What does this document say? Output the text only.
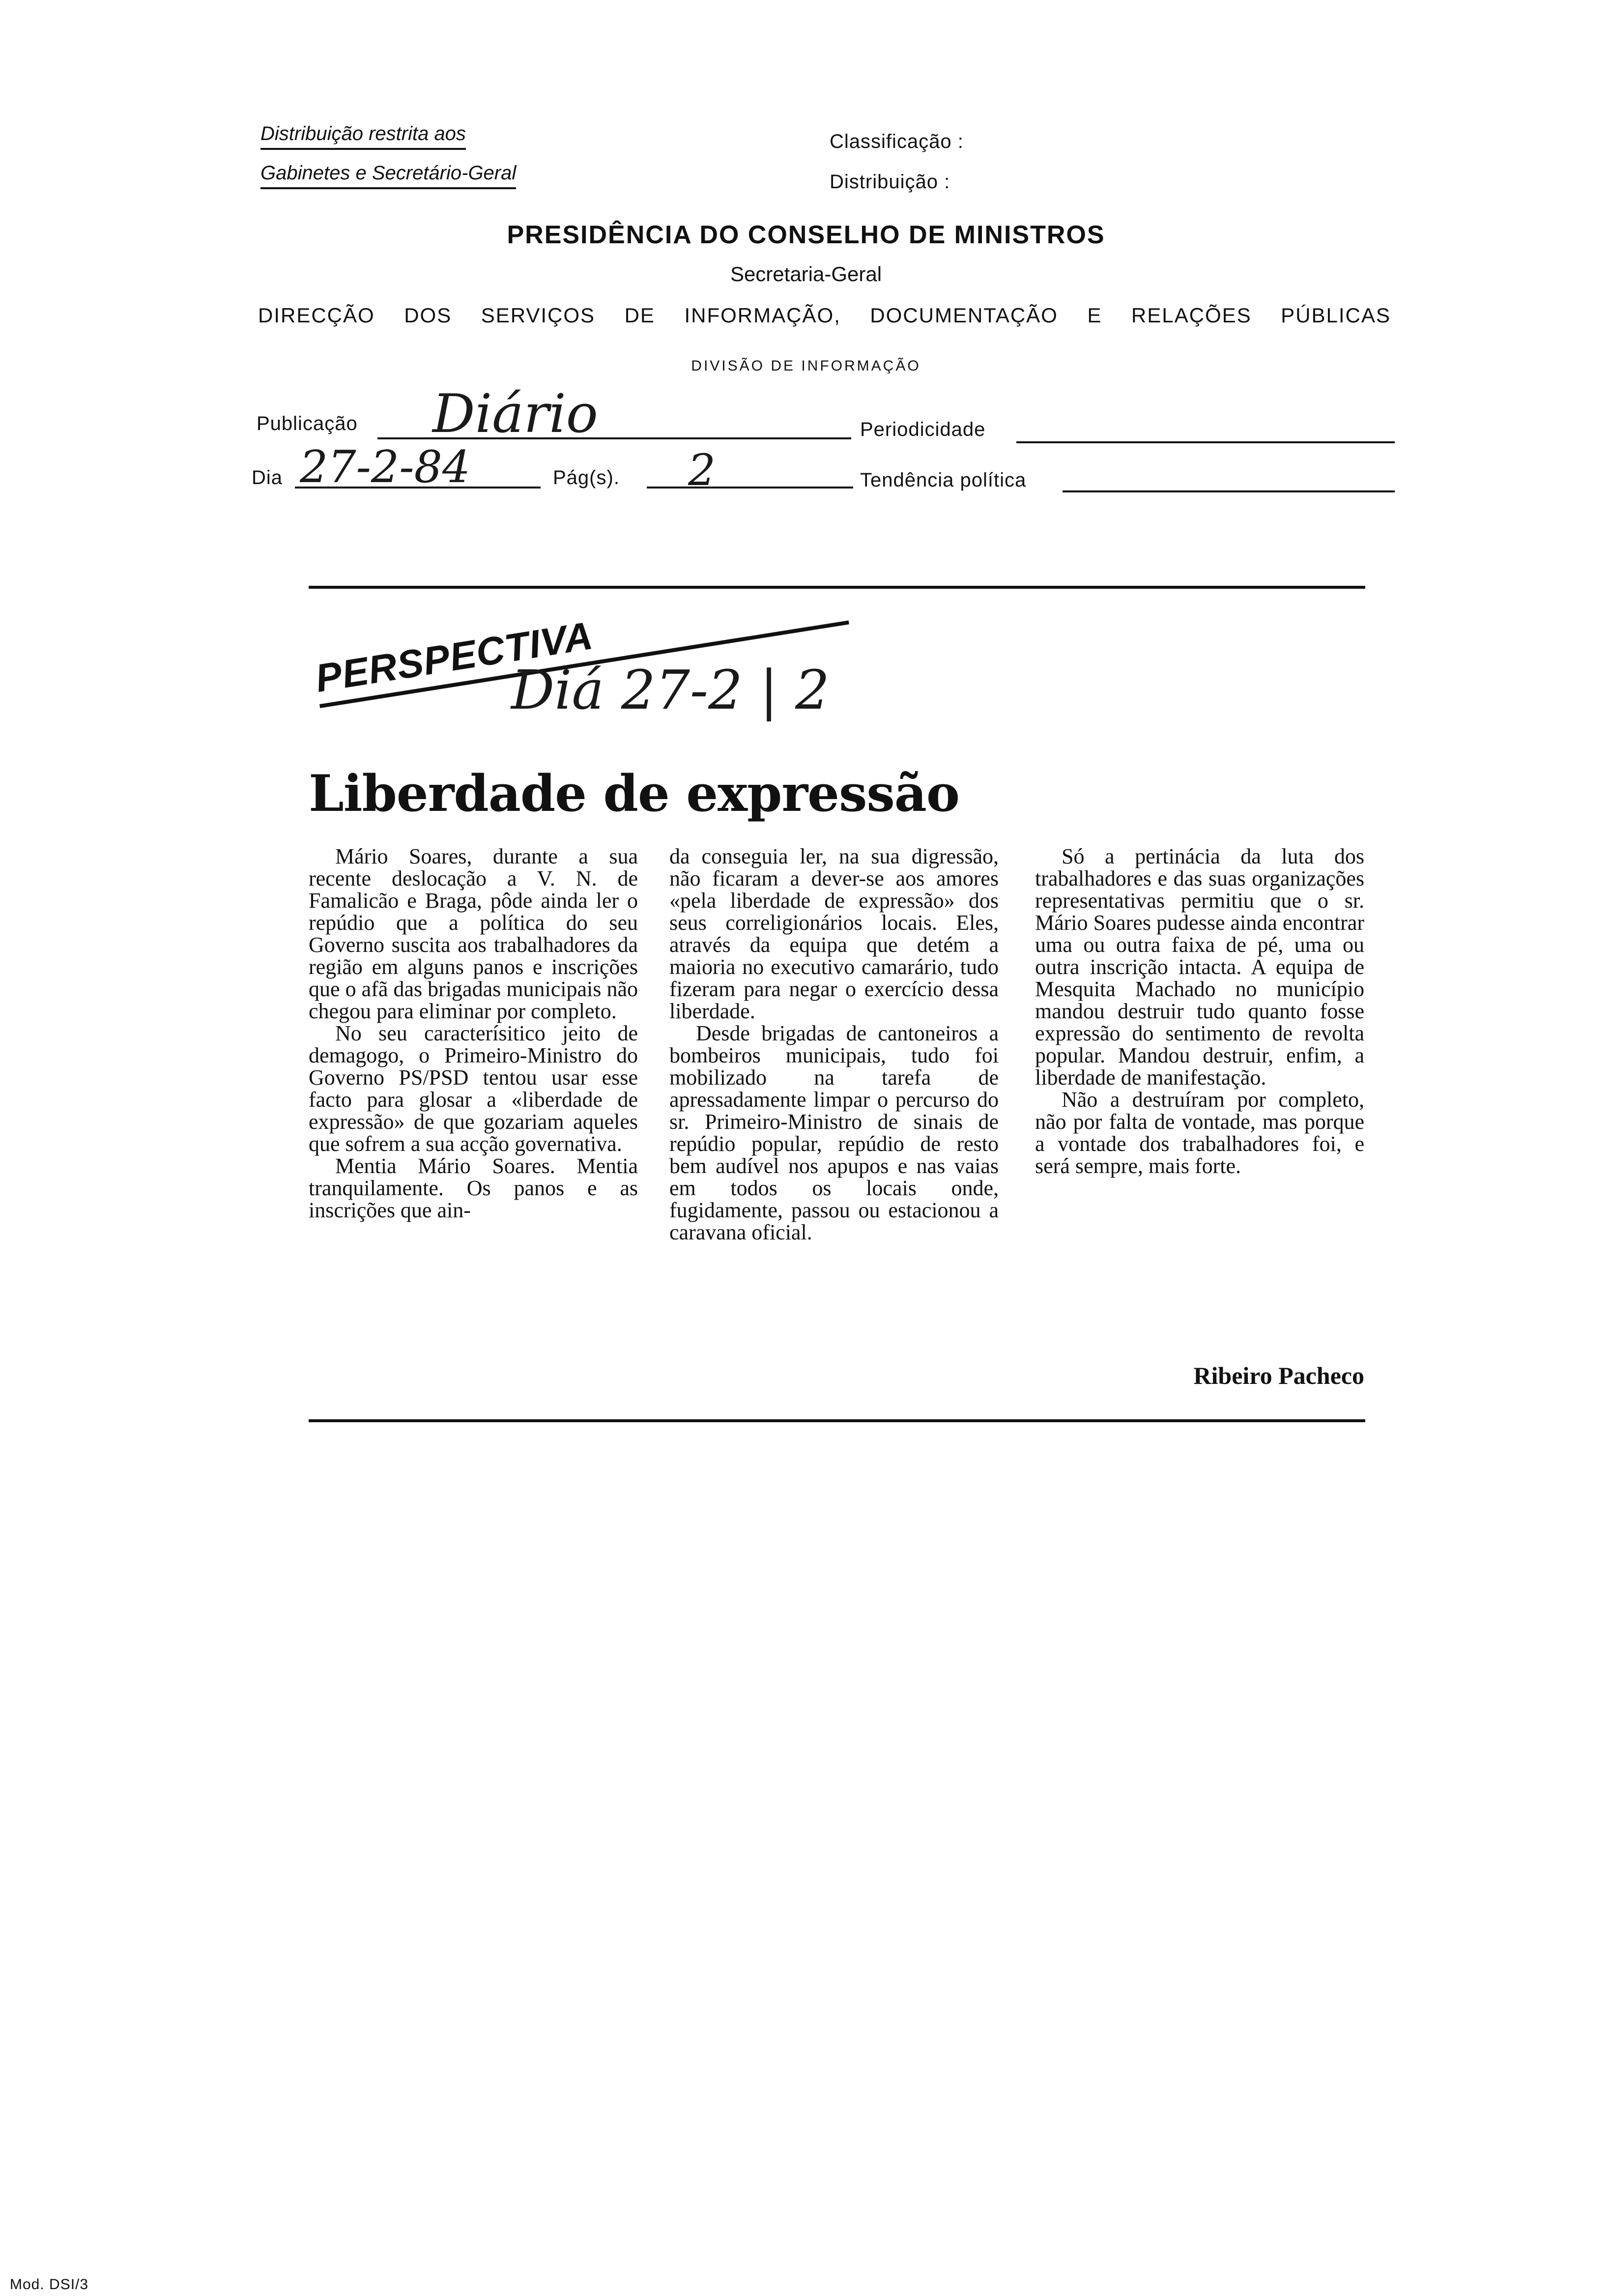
Distribuição restrita aos
Gabinetes e Secretário-Geral
Classificação :
Distribuição :
PRESIDÊNCIA DO CONSELHO DE MINISTROS
Secretaria-Geral
DIRECÇÃO DOS SERVIÇOS DE INFORMAÇÃO, DOCUMENTAÇÃO E RELAÇÕES PÚBLICAS
DIVISÃO DE INFORMAÇÃO
Publicação Diário	Periodicidade
Dia 27-2-84	Pág(s). 2	Tendência política
PERSPECTIVA
Diá 27-2 | 2
Liberdade de expressão

Mário Soares, durante a sua recente deslocação a V. N. de Famalicão e Braga, pôde ainda ler o repúdio que a política do seu Governo suscita aos trabalhadores da região em alguns panos e inscrições que o afã das brigadas municipais não chegou para eliminar por completo.

No seu caracterísitico jeito de demagogo, o Primeiro-Ministro do Governo PS/PSD tentou usar esse facto para glosar a «liberdade de expressão» de que gozariam aqueles que sofrem a sua acção governativa.

Mentia Mário Soares. Mentia tranquilamente. Os panos e as inscrições que ain-

da conseguia ler, na sua digressão, não ficaram a dever-se aos amores «pela liberdade de expressão» dos seus correligionários locais. Eles, através da equipa que detém a maioria no executivo camarário, tudo fizeram para negar o exercício dessa liberdade.

Desde brigadas de cantoneiros a bombeiros municipais, tudo foi mobilizado na tarefa de apressadamente limpar o percurso do sr. Primeiro-Ministro de sinais de repúdio popular, repúdio de resto bem audível nos apupos e nas vaias em todos os locais onde, fugidamente, passou ou estacionou a caravana oficial.

Só a pertinácia da luta dos trabalhadores e das suas organizações representativas permitiu que o sr. Mário Soares pudesse ainda encontrar uma ou outra faixa de pé, uma ou outra inscrição intacta. A equipa de Mesquita Machado no município mandou destruir tudo quanto fosse expressão do sentimento de revolta popular. Mandou destruir, enfim, a liberdade de manifestação.

Não a destruíram por completo, não por falta de vontade, mas porque a vontade dos trabalhadores foi, e será sempre, mais forte.

Ribeiro Pacheco
Mod. DSI/3
